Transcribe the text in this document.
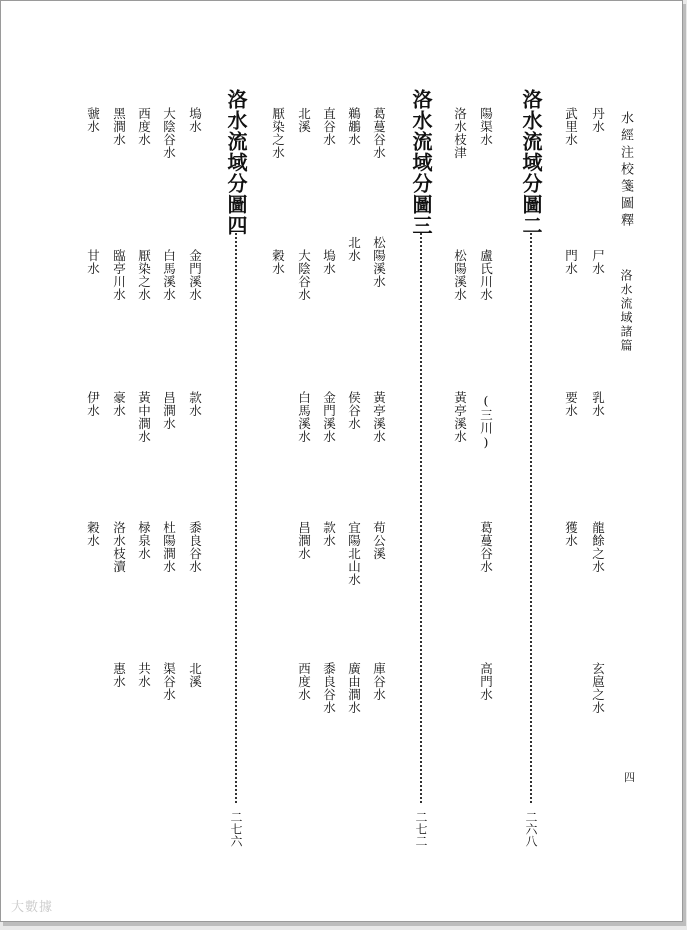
水經注校箋圖釋
洛水流域諸篇
四
丹水
尸水
乳水
龍餘之水
玄扈之水
武里水
門水
要水
獲水
洛水流域分圖二
二六八
陽渠水
盧氏川水
(三川)
葛蔓谷水
高門水
洛水枝津
松陽溪水
黃亭溪水
洛水流域分圖三
二七二
葛蔓谷水
松陽溪水
黃亭溪水
荀公溪
庫谷水
鵜鶘水
北水
侯谷水
宜陽北山水
廣由澗水
直谷水
塢水
金門溪水
款水
黍良谷水
北溪
大陰谷水
白馬溪水
昌澗水
西度水
厭染之水
穀水
洛水流域分圖四
二七六
塢水
金門溪水
款水
黍良谷水
北溪
大陰谷水
白馬溪水
昌澗水
杜陽澗水
渠谷水
西度水
厭染之水
黃中澗水
椂泉水
共水
黑澗水
臨亭川水
豪水
洛水枝瀆
惠水
虢水
甘水
伊水
穀水
大數據
